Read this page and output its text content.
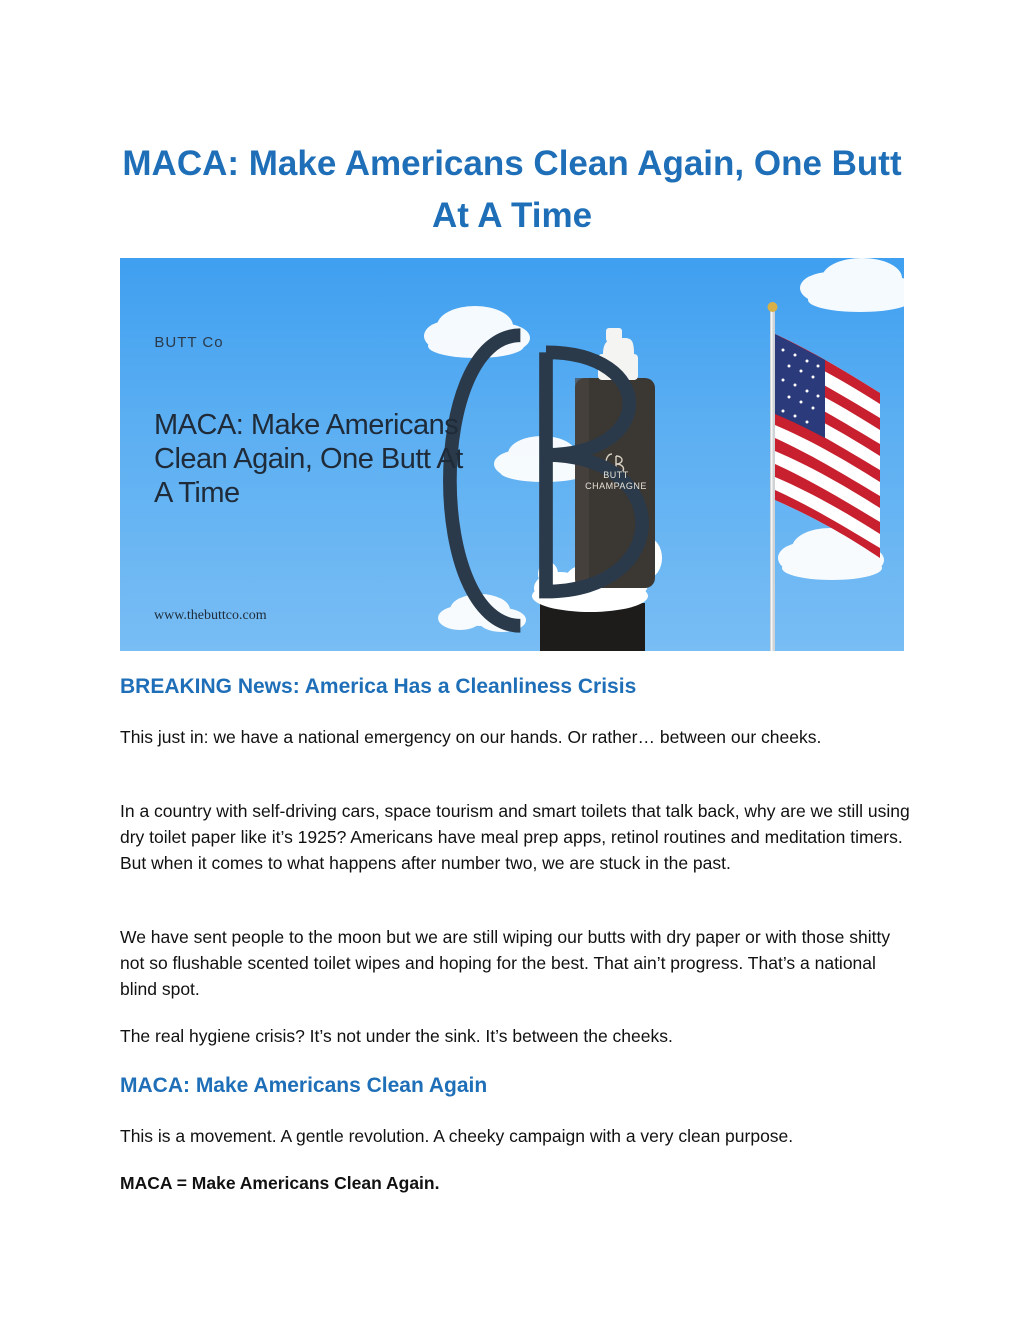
MACA: Make Americans Clean Again, One Butt At A Time
BUTT Co
MACA: Make Americans Clean Again, One Butt At A Time
www.thebuttco.com
BUTT CHAMPAGNE
BREAKING News: America Has a Cleanliness Crisis

This just in: we have a national emergency on our hands. Or rather… between our cheeks.

In a country with self-driving cars, space tourism and smart toilets that talk back, why are we still using dry toilet paper like it’s 1925? Americans have meal prep apps, retinol routines and meditation timers. But when it comes to what happens after number two, we are stuck in the past.

We have sent people to the moon but we are still wiping our butts with dry paper or with those shitty not so flushable scented toilet wipes and hoping for the best. That ain’t progress. That’s a national blind spot.

The real hygiene crisis? It’s not under the sink. It’s between the cheeks.

MACA: Make Americans Clean Again

This is a movement. A gentle revolution. A cheeky campaign with a very clean purpose.

MACA = Make Americans Clean Again.
